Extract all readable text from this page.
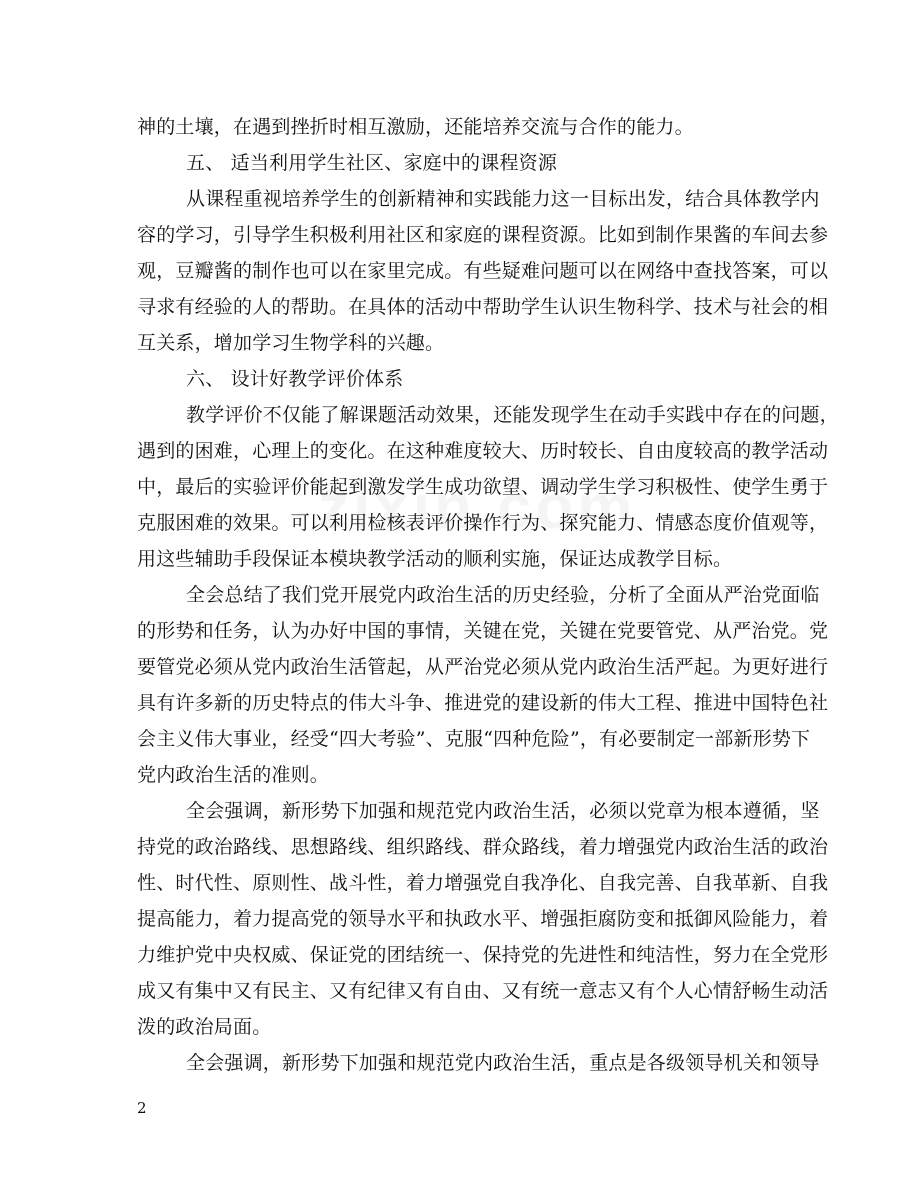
神的土壤，在遇到挫折时相互激励，还能培养交流与合作的能力。
五、 适当利用学生社区、家庭中的课程资源
从课程重视培养学生的创新精神和实践能力这一目标出发，结合具体教学内
容的学习，引导学生积极利用社区和家庭的课程资源。比如到制作果酱的车间去参
观，豆瓣酱的制作也可以在家里完成。有些疑难问题可以在网络中查找答案，可以
寻求有经验的人的帮助。在具体的活动中帮助学生认识生物科学、技术与社会的相
互关系，增加学习生物学科的兴趣。
六、 设计好教学评价体系
教学评价不仅能了解课题活动效果，还能发现学生在动手实践中存在的问题，
遇到的困难，心理上的变化。在这种难度较大、历时较长、自由度较高的教学活动
中，最后的实验评价能起到激发学生成功欲望、调动学生学习积极性、使学生勇于
克服困难的效果。可以利用检核表评价操作行为、探究能力、情感态度价值观等，
用这些辅助手段保证本模块教学活动的顺利实施，保证达成教学目标。
全会总结了我们党开展党内政治生活的历史经验，分析了全面从严治党面临
的形势和任务，认为办好中国的事情，关键在党，关键在党要管党、从严治党。党
要管党必须从党内政治生活管起，从严治党必须从党内政治生活严起。为更好进行
具有许多新的历史特点的伟大斗争、推进党的建设新的伟大工程、推进中国特色社
会主义伟大事业，经受“四大考验”、克服“四种危险”，有必要制定一部新形势下
党内政治生活的准则。
全会强调，新形势下加强和规范党内政治生活，必须以党章为根本遵循，坚
持党的政治路线、思想路线、组织路线、群众路线，着力增强党内政治生活的政治
性、时代性、原则性、战斗性，着力增强党自我净化、自我完善、自我革新、自我
提高能力，着力提高党的领导水平和执政水平、增强拒腐防变和抵御风险能力，着
力维护党中央权威、保证党的团结统一、保持党的先进性和纯洁性，努力在全党形
成又有集中又有民主、又有纪律又有自由、又有统一意志又有个人心情舒畅生动活
泼的政治局面。
全会强调，新形势下加强和规范党内政治生活，重点是各级领导机关和领导
2
